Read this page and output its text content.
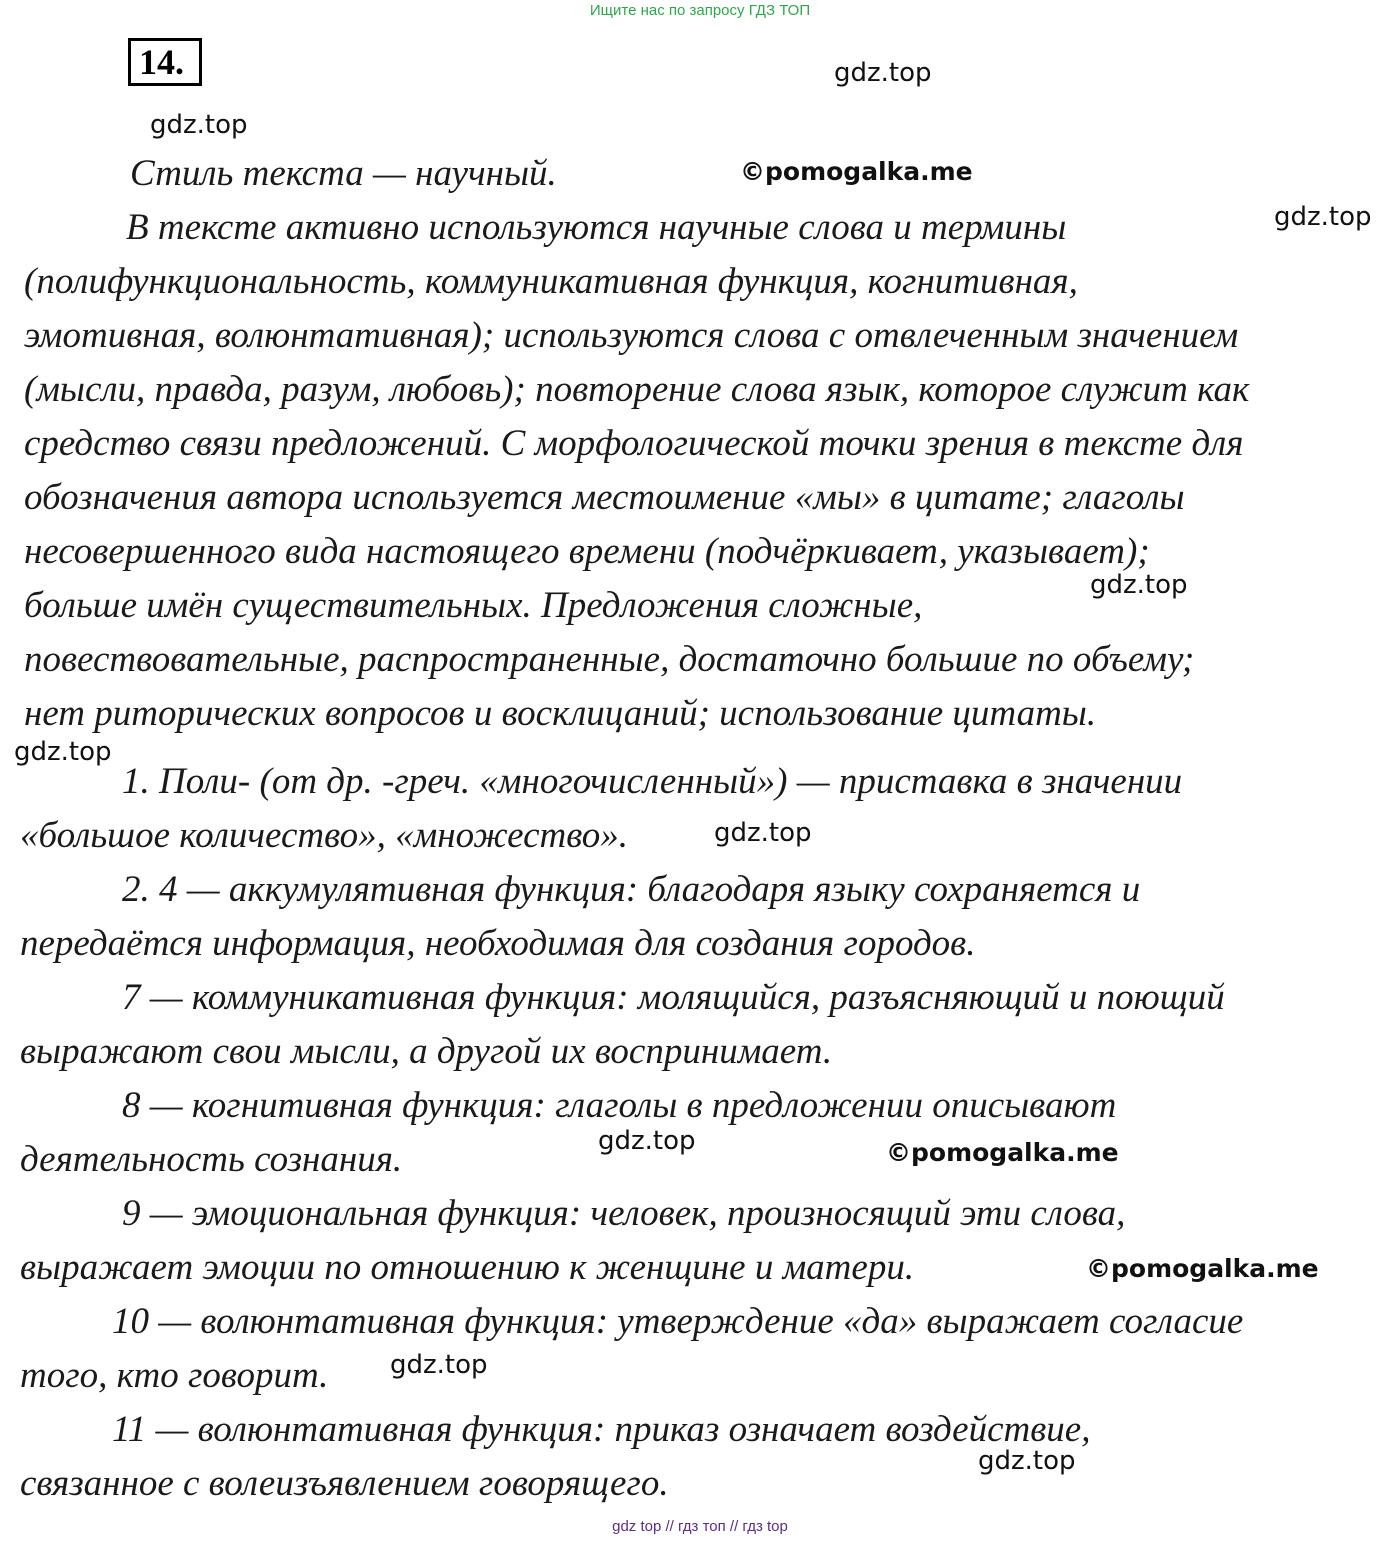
Ищите нас по запросу ГДЗ ТОП
14.
Стиль текста — научный.
В тексте активно используются научные слова и термины
(полифункциональность, коммуникативная функция, когнитивная,
эмотивная, волюнтативная); используются слова с отвлеченным значением
(мысли, правда, разум, любовь); повторение слова язык, которое служит как
средство связи предложений. С морфологической точки зрения в тексте для
обозначения автора используется местоимение «мы» в цитате; глаголы
несовершенного вида настоящего времени (подчёркивает, указывает);
больше имён существительных. Предложения сложные,
повествовательные, распространенные, достаточно большие по объему;
нет риторических вопросов и восклицаний; использование цитаты.
1. Поли- (от др. -греч. «многочисленный») — приставка в значении
«большое количество», «множество».
2. 4 — аккумулятивная функция: благодаря языку сохраняется и
передаётся информация, необходимая для создания городов.
7 — коммуникативная функция: молящийся, разъясняющий и поющий
выражают свои мысли, а другой их воспринимает.
8 — когнитивная функция: глаголы в предложении описывают
деятельность сознания.
9 — эмоциональная функция: человек, произносящий эти слова,
выражает эмоции по отношению к женщине и матери.
10 — волюнтативная функция: утверждение «да» выражает согласие
того, кто говорит.
11 — волюнтативная функция: приказ означает воздействие,
связанное с волеизъявлением говорящего.
gdz.top
gdz.top
©pomogalka.me
gdz.top
gdz.top
gdz.top
gdz.top
gdz.top	©pomogalka.me
©pomogalka.me
gdz.top
gdz.top
gdz top // гдз топ // гдз top
